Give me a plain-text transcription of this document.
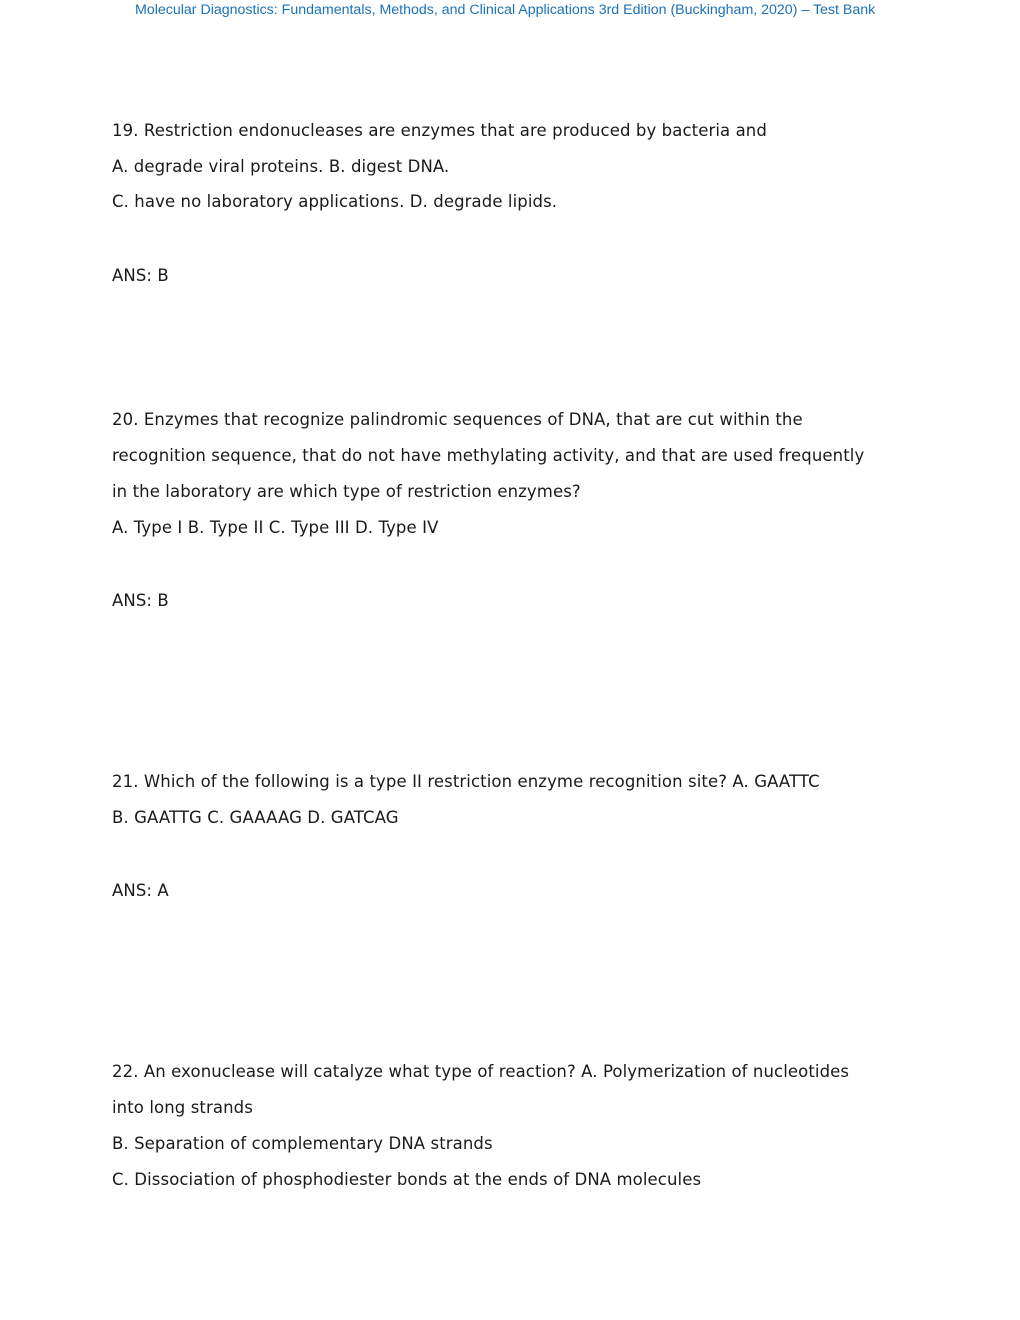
Molecular Diagnostics: Fundamentals, Methods, and Clinical Applications 3rd Edition (Buckingham, 2020) – Test Bank
19. Restriction endonucleases are enzymes that are produced by bacteria and
A. degrade viral proteins. B. digest DNA.
C. have no laboratory applications. D. degrade lipids.
ANS: B
20. Enzymes that recognize palindromic sequences of DNA, that are cut within the
recognition sequence, that do not have methylating activity, and that are used frequently
in the laboratory are which type of restriction enzymes?
A. Type I B. Type II C. Type III D. Type IV
ANS: B
21. Which of the following is a type II restriction enzyme recognition site? A. GAATTC
B. GAATTG C. GAAAAG D. GATCAG
ANS: A
22. An exonuclease will catalyze what type of reaction? A. Polymerization of nucleotides
into long strands
B. Separation of complementary DNA strands
C. Dissociation of phosphodiester bonds at the ends of DNA molecules
